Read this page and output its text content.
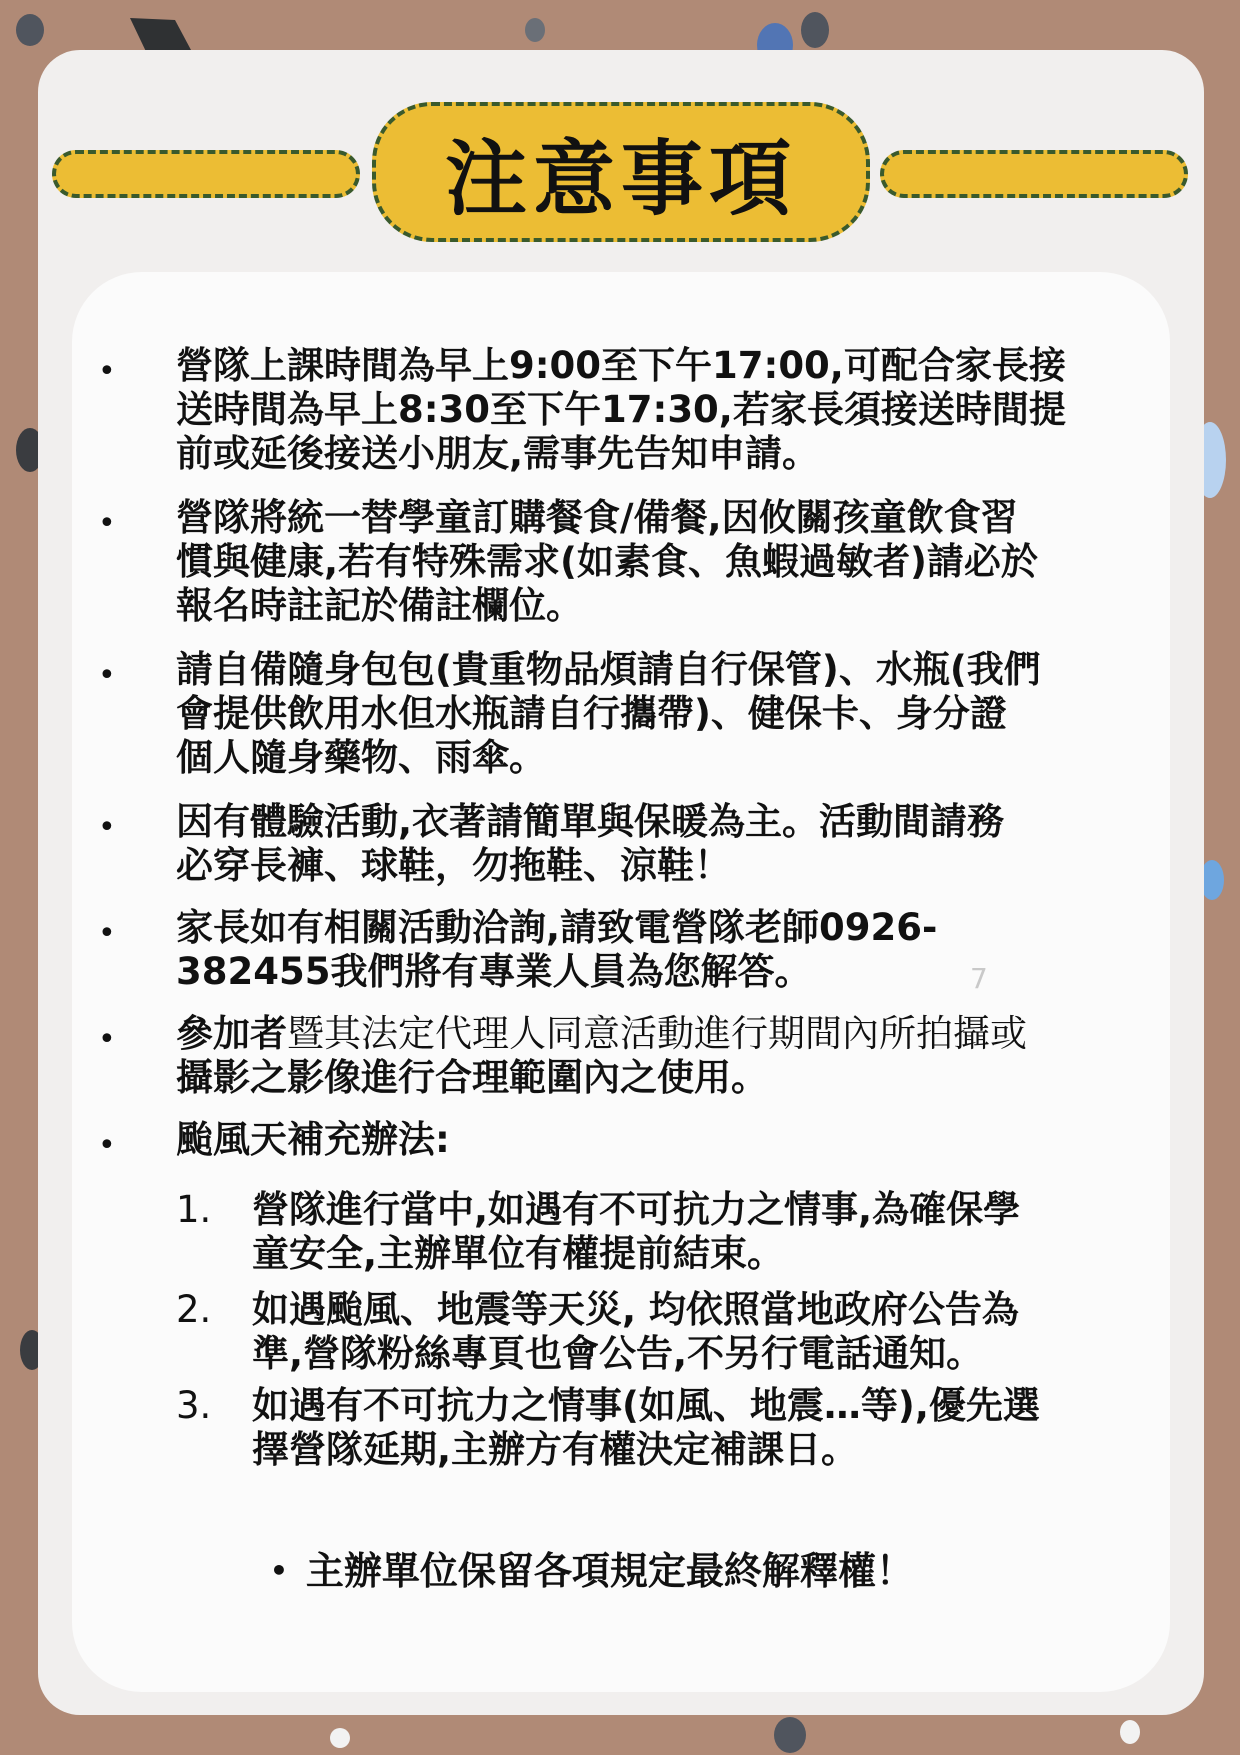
注意事項
• 營隊上課時間為早上9:00至下午17:00,可配合家長接
送時間為早上8:30至下午17:30,若家長須接送時間提
前或延後接送小朋友,需事先告知申請。
• 營隊將統一替學童訂購餐食/備餐,因攸關孩童飲食習
慣與健康,若有特殊需求(如素食、魚蝦過敏者)請必於
報名時註記於備註欄位。
• 請自備隨身包包(貴重物品煩請自行保管)、水瓶(我們
會提供飲用水但水瓶請自行攜帶)、健保卡、身分證
個人隨身藥物、雨傘。
• 因有體驗活動,衣著請簡單與保暖為主。活動間請務
必穿長褲、球鞋，勿拖鞋、涼鞋！
• 家長如有相關活動洽詢,請致電營隊老師0926-
382455我們將有專業人員為您解答。
• 參加者暨其法定代理人同意活動進行期間內所拍攝或
攝影之影像進行合理範圍內之使用。
• 颱風天補充辦法:
1.	營隊進行當中,如遇有不可抗力之情事,為確保學
童安全,主辦單位有權提前結束。
2.	如遇颱風、地震等天災, 均依照當地政府公告為
準,營隊粉絲專頁也會公告,不另行電話通知。
3.	如遇有不可抗力之情事(如風、地震…等),優先選
擇營隊延期,主辦方有權決定補課日。
7
• 主辦單位保留各項規定最終解釋權！
